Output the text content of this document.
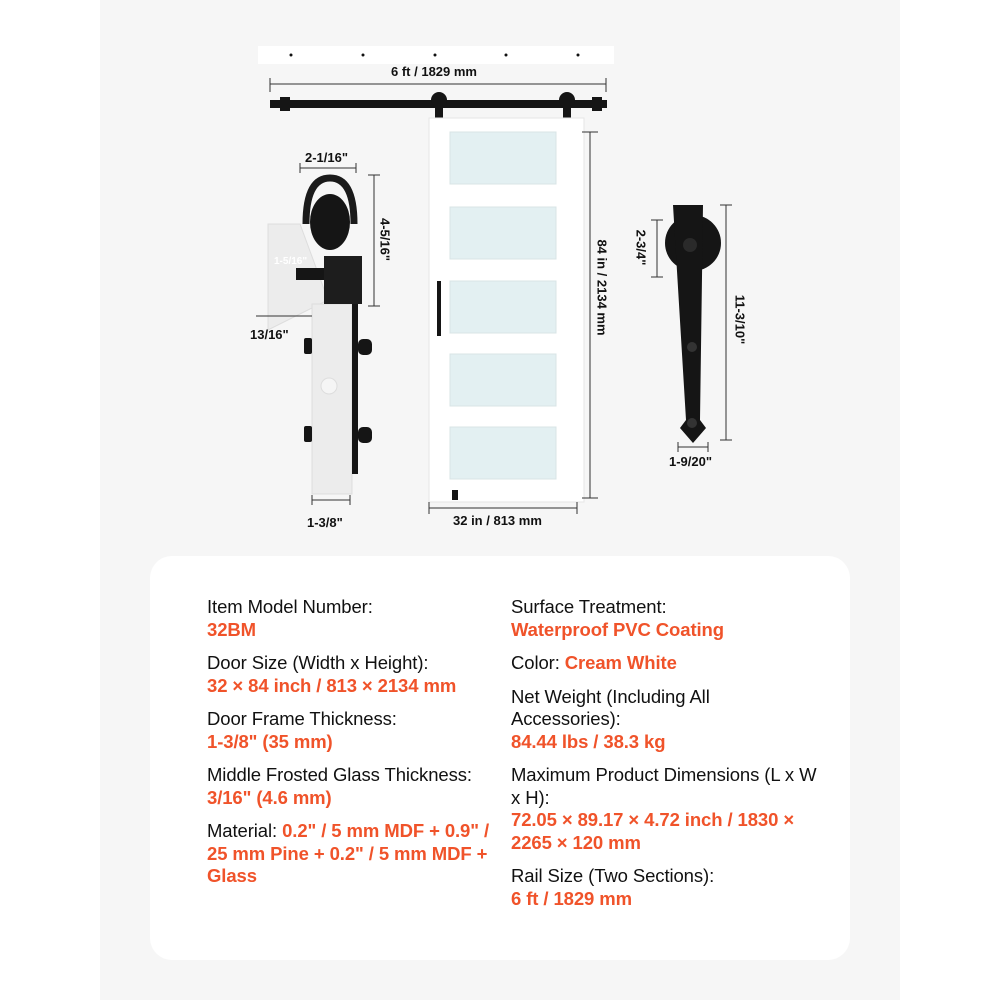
6 ft / 1829 mm
32 in / 813 mm
84 in / 2134 mm
2-1/16"
4-5/16"
1-5/16"
13/16"
1-3/8"
2-3/4"
11-3/10"
1-9/20"
Item Model Number:
32BM
Door Size (Width x Height):
32 × 84 inch / 813 × 2134 mm
Door Frame Thickness:
1-3/8" (35 mm)
Middle Frosted Glass Thickness: 3/16" (4.6 mm)
Material: 0.2" / 5 mm MDF + 0.9" / 25 mm Pine + 0.2" / 5 mm MDF + Glass
Surface Treatment:
Waterproof PVC Coating
Color: Cream White
Net Weight (Including All Accessories):
84.44 lbs / 38.3 kg
Maximum Product Dimensions (L x W x H):
72.05 × 89.17 × 4.72 inch / 1830 × 2265 × 120 mm
Rail Size (Two Sections):
6 ft / 1829 mm
